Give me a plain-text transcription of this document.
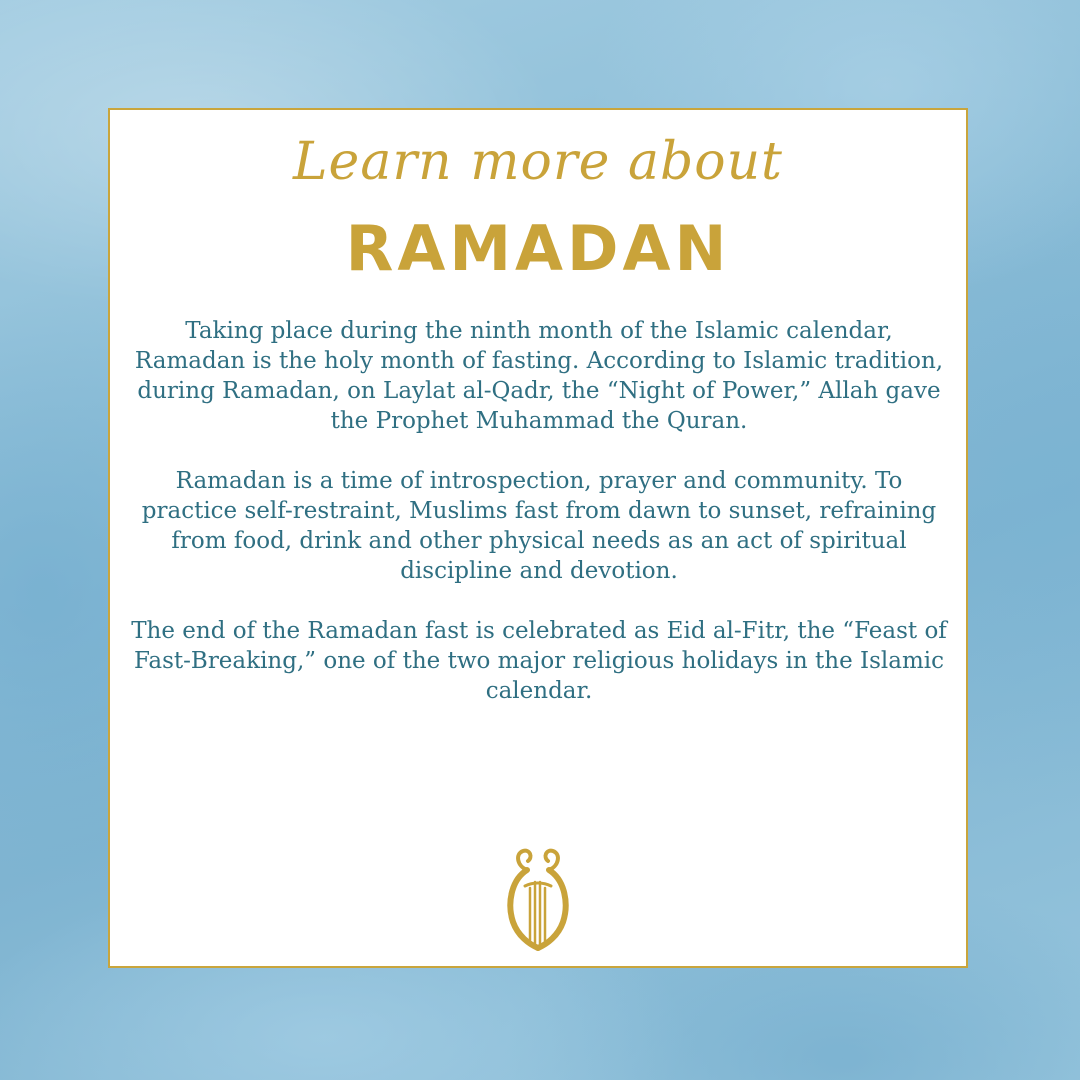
Learn more about
RAMADAN

Taking place during the ninth month of the Islamic calendar, Ramadan is the holy month of fasting. According to Islamic tradition, during Ramadan, on Laylat al-Qadr, the “Night of Power,” Allah gave the Prophet Muhammad the Quran.

Ramadan is a time of introspection, prayer and community. To practice self-restraint, Muslims fast from dawn to sunset, refraining from food, drink and other physical needs as an act of spiritual discipline and devotion.

The end of the Ramadan fast is celebrated as Eid al-Fitr, the “Feast of Fast-Breaking,” one of the two major religious holidays in the Islamic calendar.
